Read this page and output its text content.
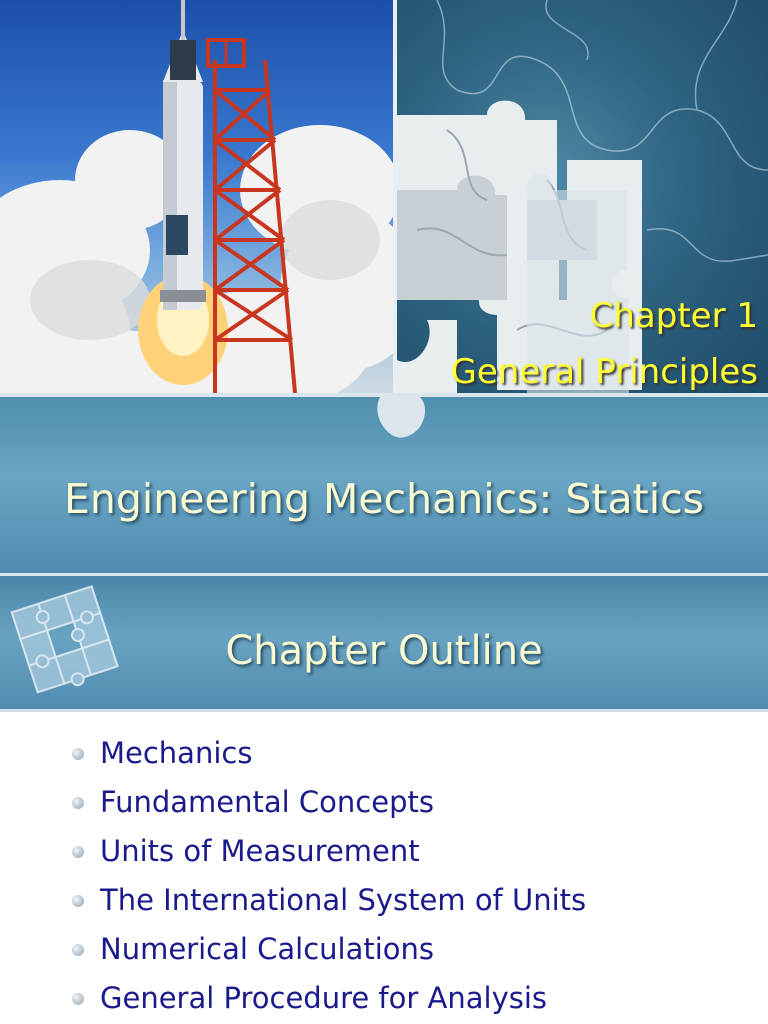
Chapter 1
General Principles
Engineering Mechanics: Statics
Chapter Outline
Mechanics
Fundamental Concepts
Units of Measurement
The International System of Units
Numerical Calculations
General Procedure for Analysis
